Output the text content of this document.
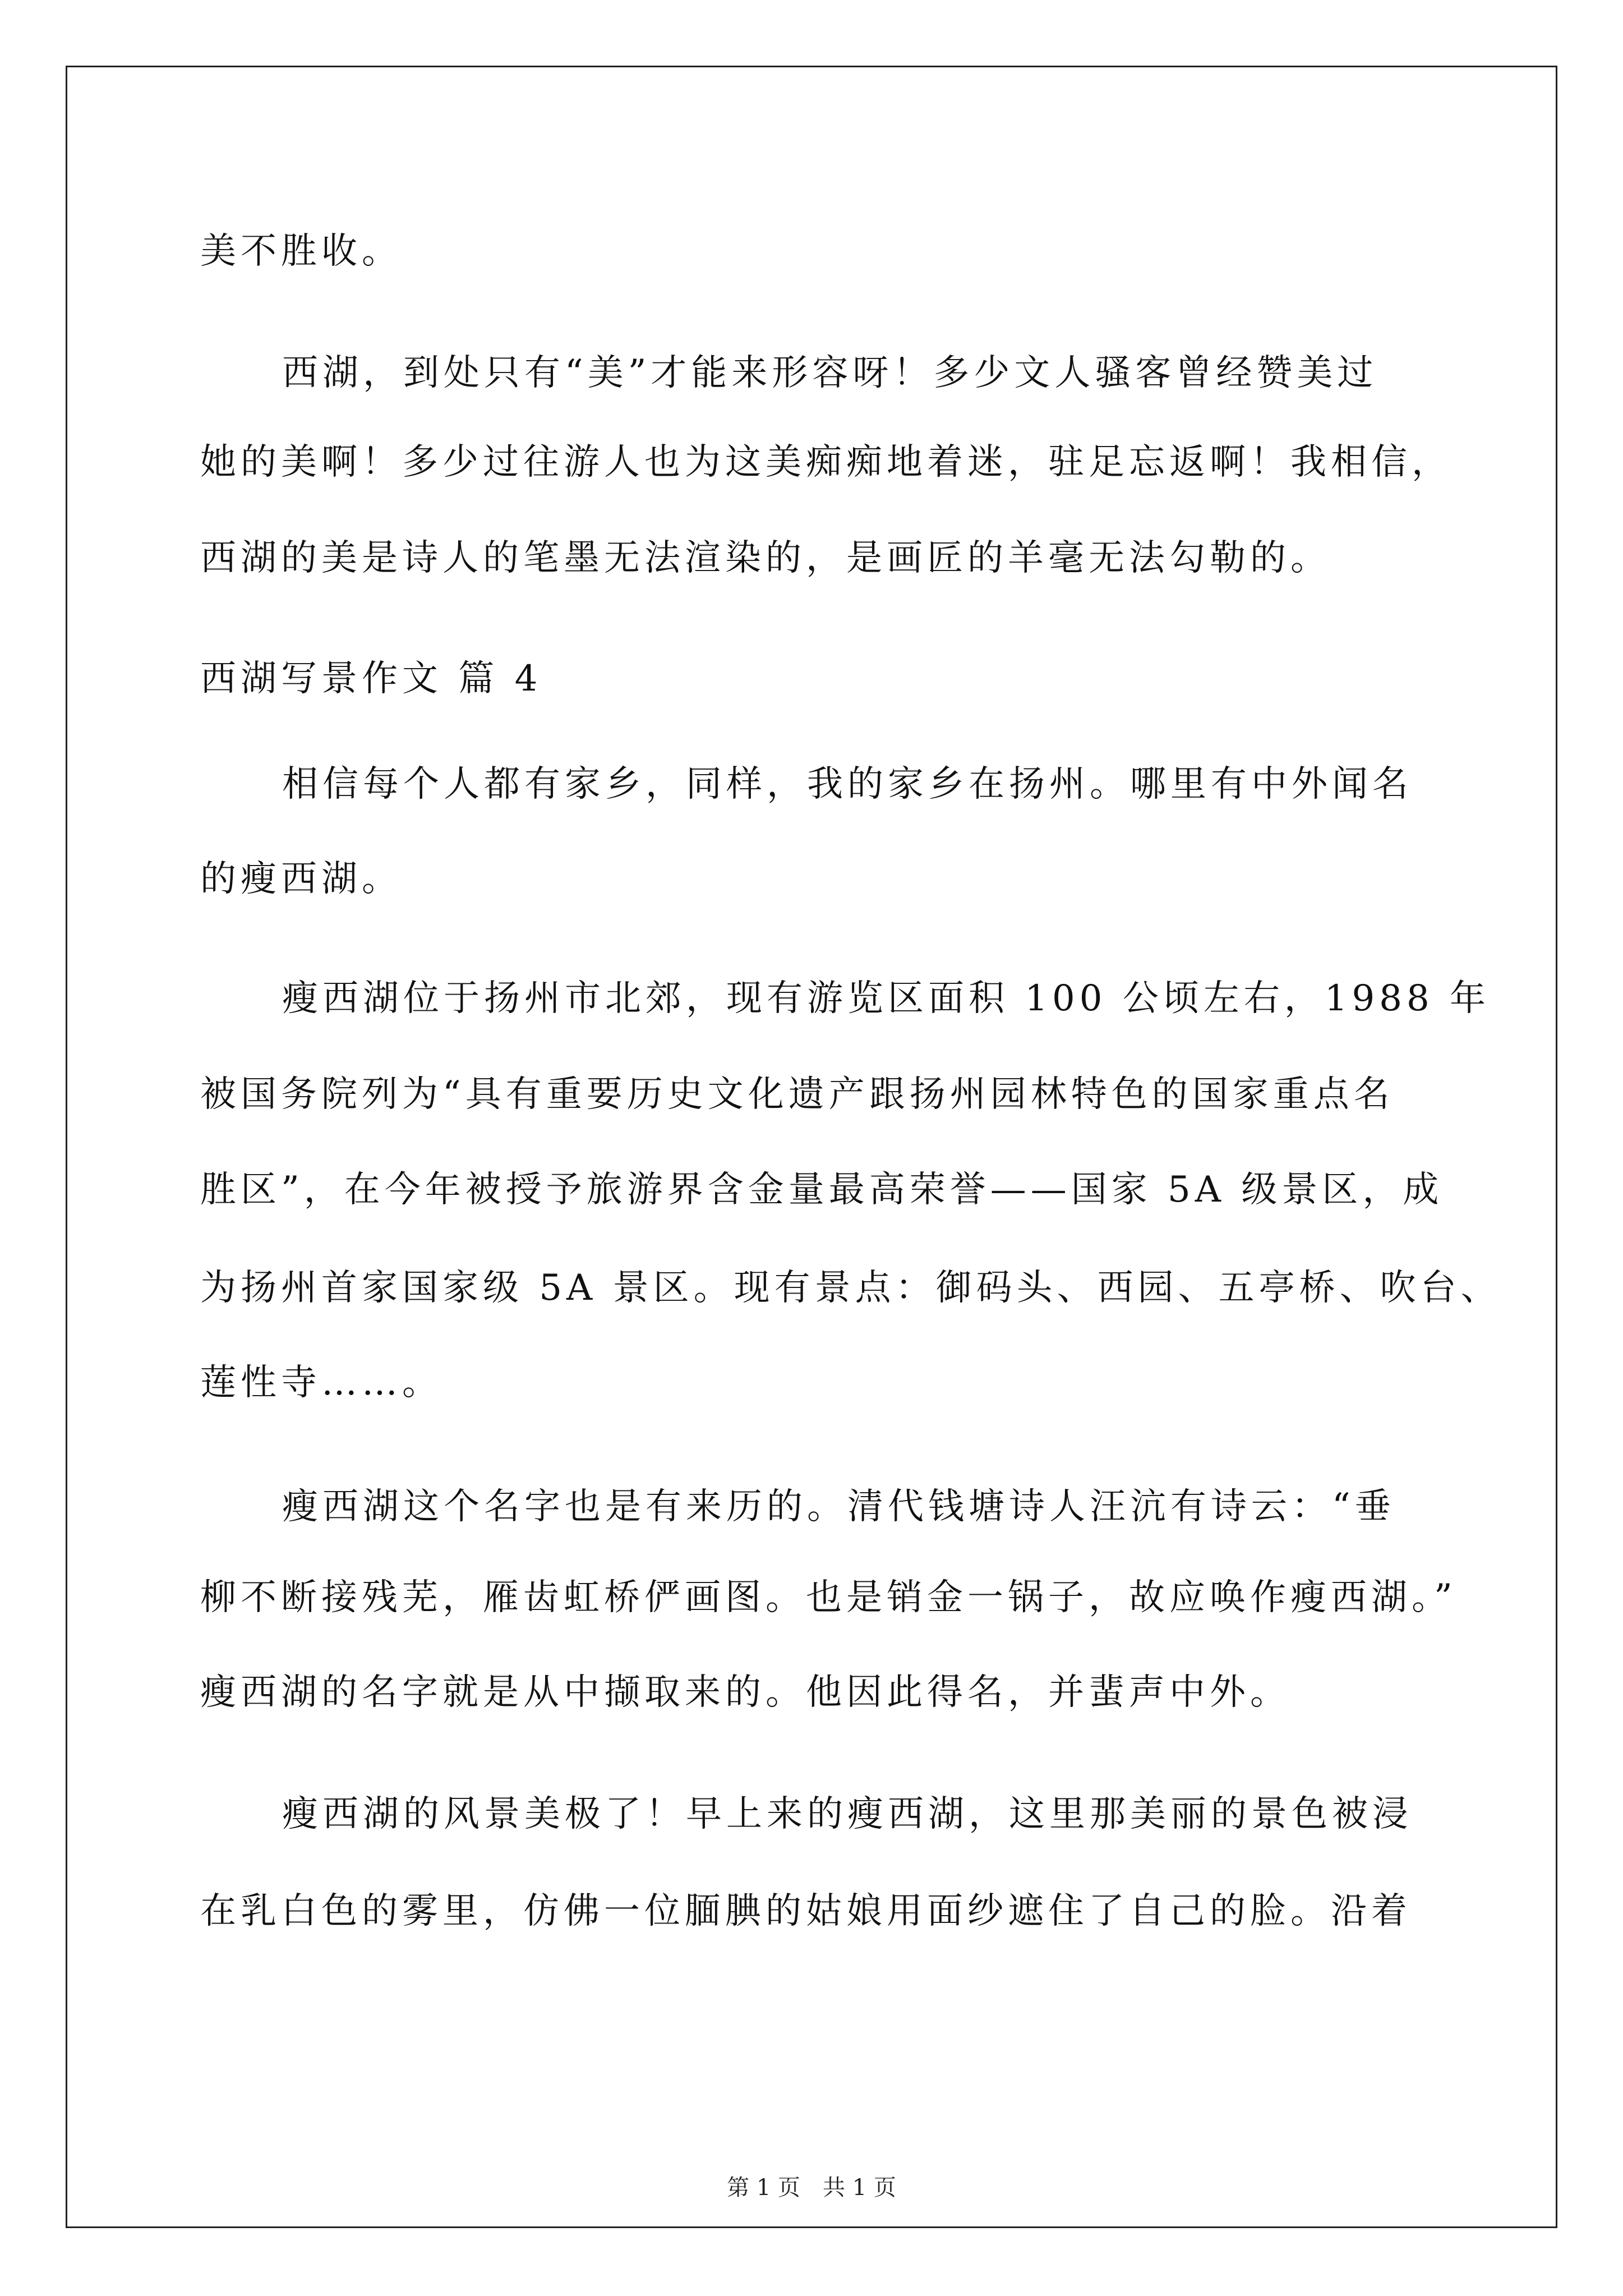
美不胜收。
西湖，到处只有“美”才能来形容呀！多少文人骚客曾经赞美过
她的美啊！多少过往游人也为这美痴痴地着迷，驻足忘返啊！我相信，
西湖的美是诗人的笔墨无法渲染的，是画匠的羊毫无法勾勒的。
西湖写景作文 篇 4
相信每个人都有家乡，同样，我的家乡在扬州。哪里有中外闻名
的瘦西湖。
瘦西湖位于扬州市北郊，现有游览区面积 100 公顷左右，1988 年
被国务院列为“具有重要历史文化遗产跟扬州园林特色的国家重点名
胜区”，在今年被授予旅游界含金量最高荣誉——国家 5A 级景区，成
为扬州首家国家级 5A 景区。现有景点：御码头、西园、五亭桥、吹台、
莲性寺……。
瘦西湖这个名字也是有来历的。清代钱塘诗人汪沆有诗云：“垂
柳不断接残芜，雁齿虹桥俨画图。也是销金一锅子，故应唤作瘦西湖。”
瘦西湖的名字就是从中撷取来的。他因此得名，并蜚声中外。
瘦西湖的风景美极了！早上来的瘦西湖，这里那美丽的景色被浸
在乳白色的雾里，仿佛一位腼腆的姑娘用面纱遮住了自己的脸。沿着
第 1 页　共 1 页
